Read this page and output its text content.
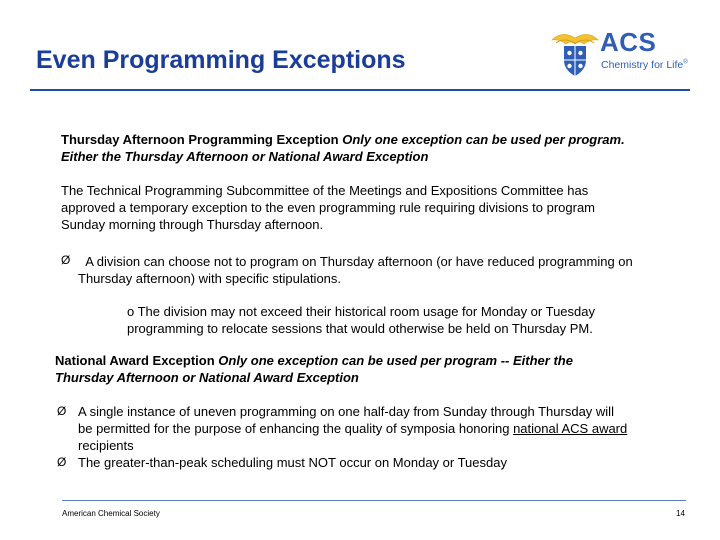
Even Programming Exceptions
ACS
Chemistry for Life®
Thursday Afternoon Programming Exception Only one exception can be used per program.
Either the Thursday Afternoon or National Award Exception
The Technical Programming Subcommittee of the Meetings and Expositions Committee has
approved a temporary exception to the even programming rule requiring divisions to program
Sunday morning through Thursday afternoon.
Ø	A division can choose not to program on Thursday afternoon (or have reduced programming on
Thursday afternoon) with specific stipulations.
o The division may not exceed their historical room usage for Monday or Tuesday
programming to relocate sessions that would otherwise be held on Thursday PM.
National Award Exception Only one exception can be used per program -- Either the
Thursday Afternoon or National Award Exception
Ø A single instance of uneven programming on one half-day from Sunday through Thursday will
be permitted for the purpose of enhancing the quality of symposia honoring national ACS award
recipients
Ø The greater-than-peak scheduling must NOT occur on Monday or Tuesday
American Chemical Society	14
